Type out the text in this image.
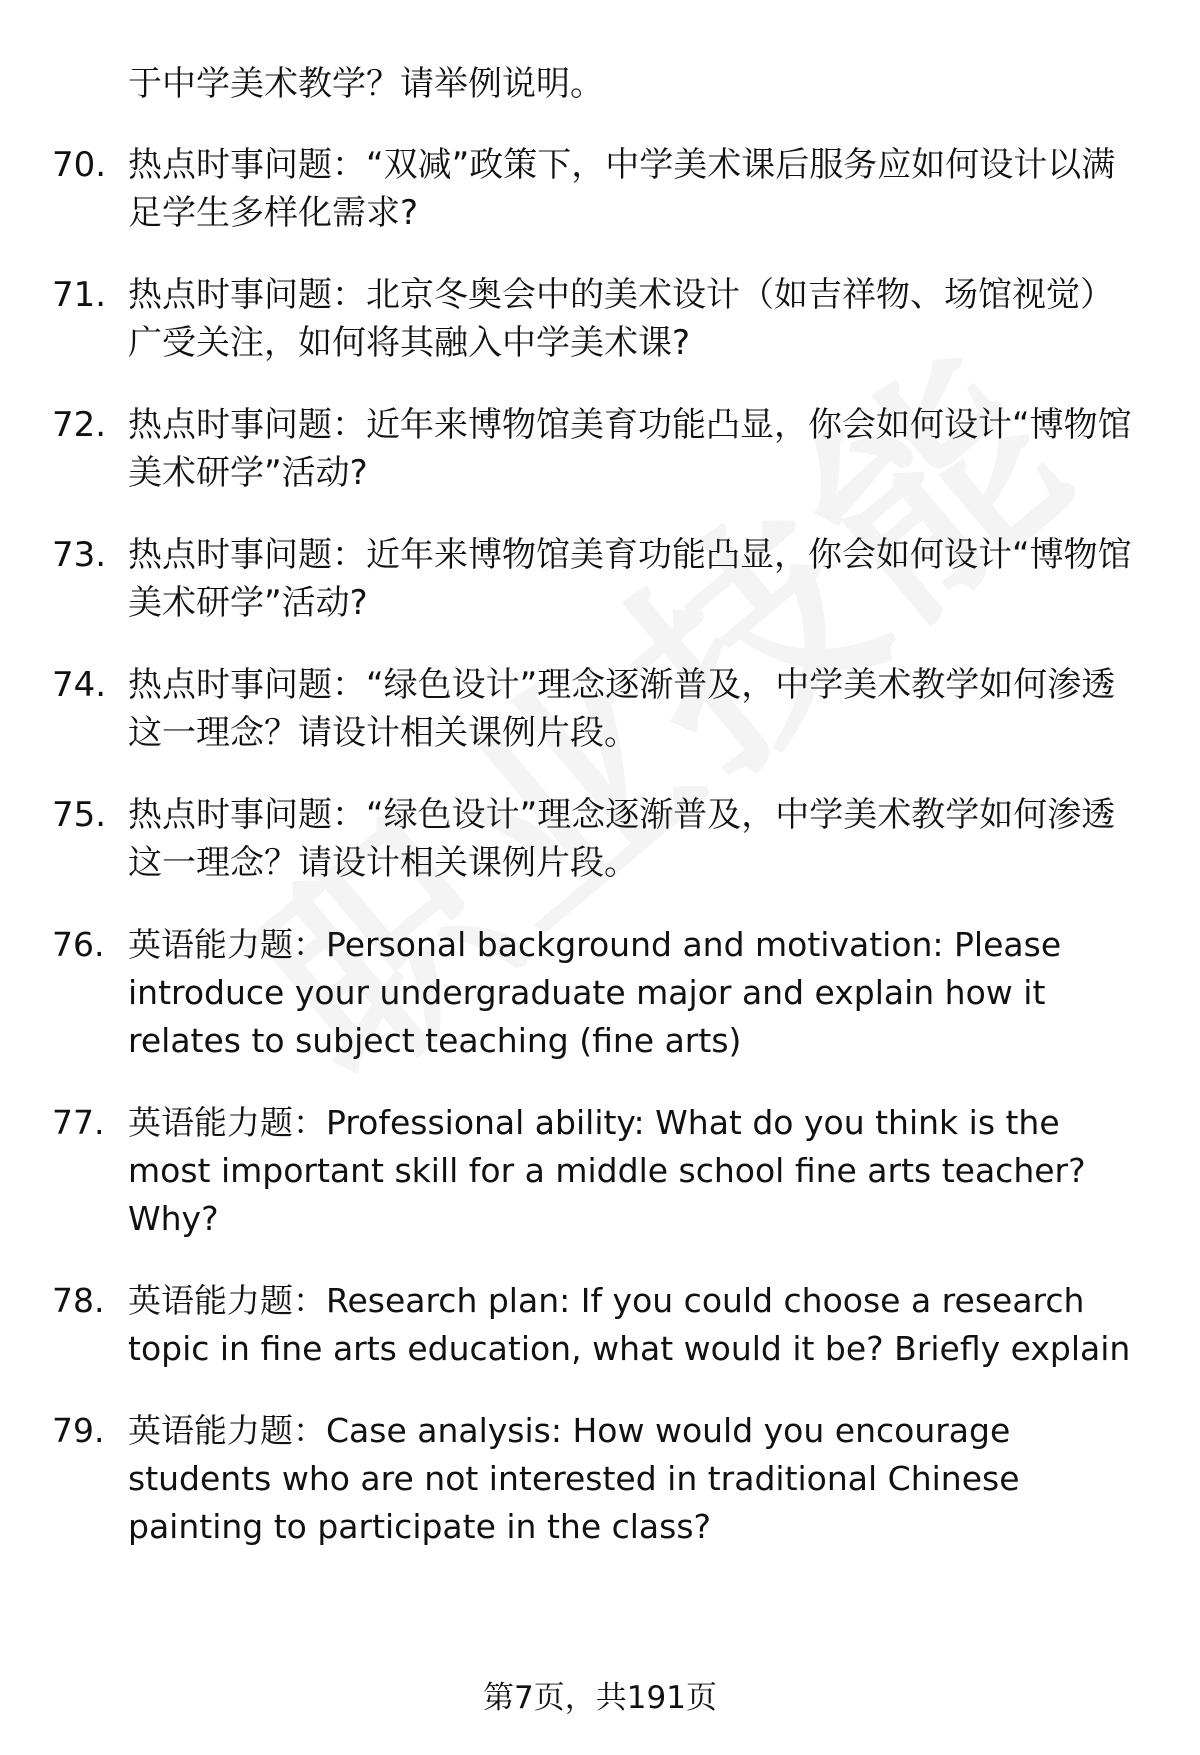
于中学美术教学？请举例说明。

70. 热点时事问题：“双减”政策下，中学美术课后服务应如何设计以满足学生多样化需求?
71. 热点时事问题：北京冬奥会中的美术设计（如吉祥物、场馆视觉）广受关注，如何将其融入中学美术课?
72. 热点时事问题：近年来博物馆美育功能凸显，你会如何设计“博物馆美术研学”活动?
73. 热点时事问题：近年来博物馆美育功能凸显，你会如何设计“博物馆美术研学”活动?
74. 热点时事问题：“绿色设计”理念逐渐普及，中学美术教学如何渗透这一理念？请设计相关课例片段。
75. 热点时事问题：“绿色设计”理念逐渐普及，中学美术教学如何渗透这一理念？请设计相关课例片段。
76. 英语能力题：Personal background and motivation: Please introduce your undergraduate major and explain how it relates to subject teaching (fine arts)
77. 英语能力题：Professional ability: What do you think is the most important skill for a middle school fine arts teacher? Why?
78. 英语能力题：Research plan: If you could choose a research topic in fine arts education, what would it be? Briefly explain
79. 英语能力题：Case analysis: How would you encourage students who are not interested in traditional Chinese painting to participate in the class?
第7页，共191页
